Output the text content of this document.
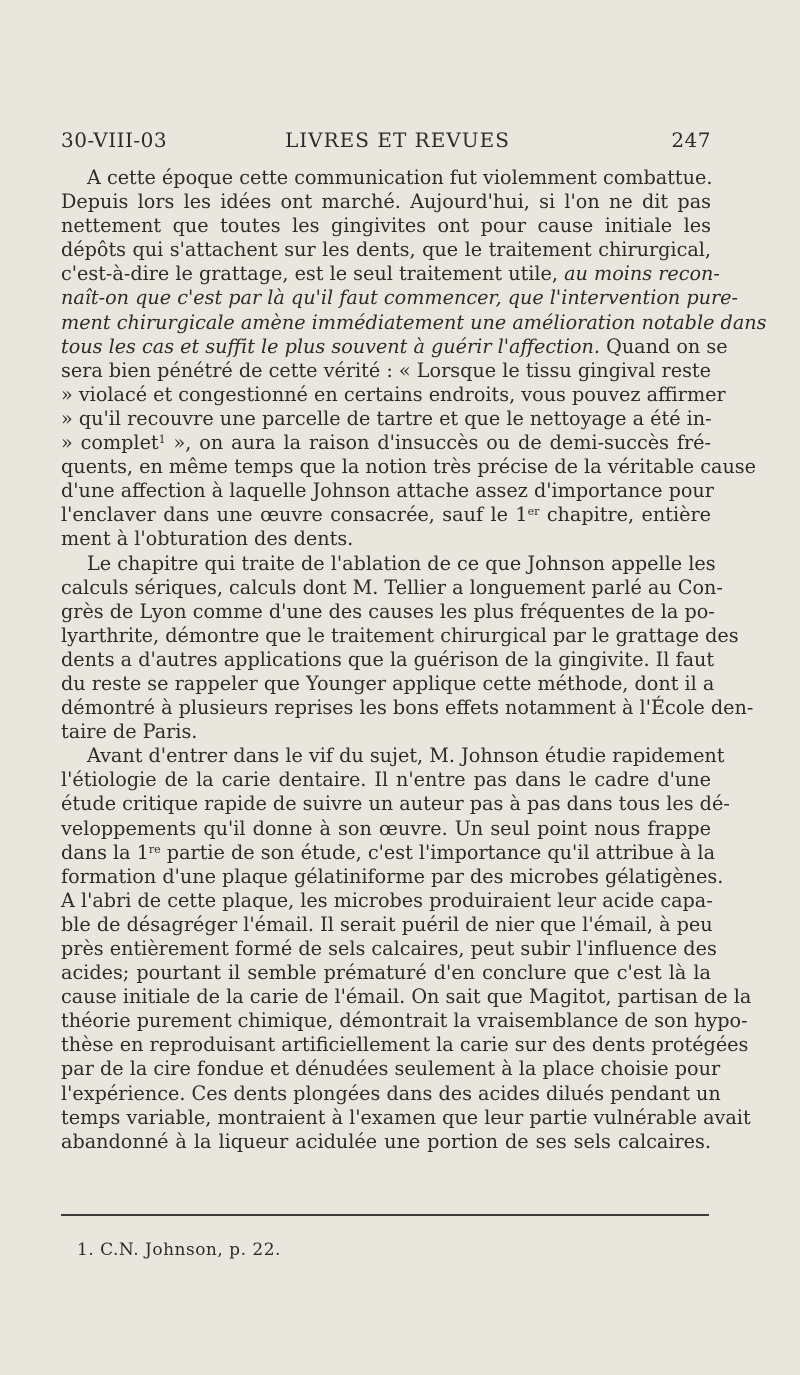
30-VIII-03	LIVRES ET REVUES	247
A cette époque cette communication fut violemment combattue.
Depuis lors les idées ont marché. Aujourd'hui, si l'on ne dit pas
nettement que toutes les gingivites ont pour cause initiale les
dépôts qui s'attachent sur les dents, que le traitement chirurgical,
c'est-à-dire le grattage, est le seul traitement utile, au moins recon-
naît-on que c'est par là qu'il faut commencer, que l'intervention pure-
ment chirurgicale amène immédiatement une amélioration notable dans
tous les cas et suffit le plus souvent à guérir l'affection. Quand on se
sera bien pénétré de cette vérité : « Lorsque le tissu gingival reste
» violacé et congestionné en certains endroits, vous pouvez affirmer
» qu'il recouvre une parcelle de tartre et que le nettoyage a été in-
» complet$^1$ », on aura la raison d'insuccès ou de demi-succès fré-
quents, en même temps que la notion très précise de la véritable cause
d'une affection à laquelle Johnson attache assez d'importance pour
l'enclaver dans une œuvre consacrée, sauf le 1er chapitre, entière
ment à l'obturation des dents.
Le chapitre qui traite de l'ablation de ce que Johnson appelle les
calculs sériques, calculs dont M. Tellier a longuement parlé au Con-
grès de Lyon comme d'une des causes les plus fréquentes de la po-
lyarthrite, démontre que le traitement chirurgical par le grattage des
dents a d'autres applications que la guérison de la gingivite. Il faut
du reste se rappeler que Younger applique cette méthode, dont il a
démontré à plusieurs reprises les bons effets notamment à l'École den-
taire de Paris.
Avant d'entrer dans le vif du sujet, M. Johnson étudie rapidement
l'étiologie de la carie dentaire. Il n'entre pas dans le cadre d'une
étude critique rapide de suivre un auteur pas à pas dans tous les dé-
veloppements qu'il donne à son œuvre. Un seul point nous frappe
dans la 1re partie de son étude, c'est l'importance qu'il attribue à la
formation d'une plaque gélatiniforme par des microbes gélatigènes.
A l'abri de cette plaque, les microbes produiraient leur acide capa-
ble de désagréger l'émail. Il serait puéril de nier que l'émail, à peu
près entièrement formé de sels calcaires, peut subir l'influence des
acides; pourtant il semble prématuré d'en conclure que c'est là la
cause initiale de la carie de l'émail. On sait que Magitot, partisan de la
théorie purement chimique, démontrait la vraisemblance de son hypo-
thèse en reproduisant artificiellement la carie sur des dents protégées
par de la cire fondue et dénudées seulement à la place choisie pour
l'expérience. Ces dents plongées dans des acides dilués pendant un
temps variable, montraient à l'examen que leur partie vulnérable avait
abandonné à la liqueur acidulée une portion de ses sels calcaires.
1. C.N. Johnson, p. 22.
